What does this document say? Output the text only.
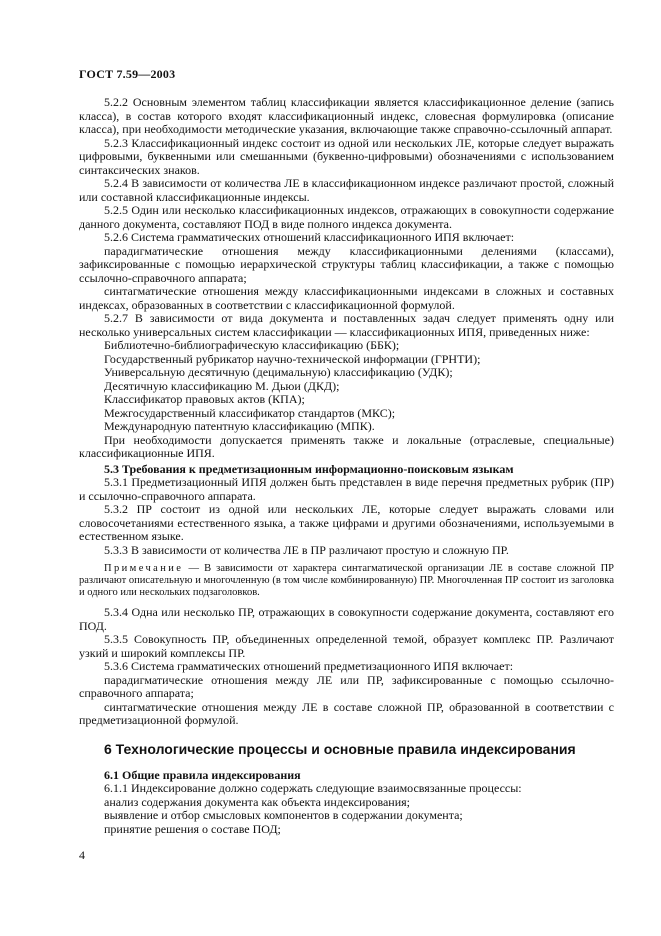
ГОСТ 7.59—2003

5.2.2 Основным элементом таблиц классификации является классификационное деление (запись класса), в состав которого входят классификационный индекс, словесная формулировка (описание класса), при необходимости методические указания, включающие также справочно-ссылочный аппарат.

5.2.3 Классификационный индекс состоит из одной или нескольких ЛЕ, которые следует выражать цифровыми, буквенными или смешанными (буквенно-цифровыми) обозначениями с использованием синтаксических знаков.

5.2.4 В зависимости от количества ЛЕ в классификационном индексе различают простой, сложный или составной классификационные индексы.

5.2.5 Один или несколько классификационных индексов, отражающих в совокупности содержание данного документа, составляют ПОД в виде полного индекса документа.

5.2.6 Система грамматических отношений классификационного ИПЯ включает:

парадигматические отношения между классификационными делениями (классами), зафиксированные с помощью иерархической структуры таблиц классификации, а также с помощью ссылочно-справочного аппарата;

синтагматические отношения между классификационными индексами в сложных и составных индексах, образованных в соответствии с классификационной формулой.

5.2.7 В зависимости от вида документа и поставленных задач следует применять одну или несколько универсальных систем классификации — классификационных ИПЯ, приведенных ниже:

Библиотечно-библиографическую классификацию (ББК);

Государственный рубрикатор научно-технической информации (ГРНТИ);

Универсальную десятичную (децимальную) классификацию (УДК);

Десятичную классификацию М. Дьюи (ДКД);

Классификатор правовых актов (КПА);

Межгосударственный классификатор стандартов (МКС);

Международную патентную классификацию (МПК).

При необходимости допускается применять также и локальные (отраслевые, специальные) классификационные ИПЯ.

5.3 Требования к предметизационным информационно-поисковым языкам

5.3.1 Предметизационный ИПЯ должен быть представлен в виде перечня предметных рубрик (ПР) и ссылочно-справочного аппарата.

5.3.2 ПР состоит из одной или нескольких ЛЕ, которые следует выражать словами или словосочетаниями естественного языка, а также цифрами и другими обозначениями, используемыми в естественном языке.

5.3.3 В зависимости от количества ЛЕ в ПР различают простую и сложную ПР.

Примечание — В зависимости от характера синтагматической организации ЛЕ в составе сложной ПР различают описательную и многочленную (в том числе комбинированную) ПР. Многочленная ПР состоит из заголовка и одного или нескольких подзаголовков.

5.3.4 Одна или несколько ПР, отражающих в совокупности содержание документа, составляют его ПОД.

5.3.5 Совокупность ПР, объединенных определенной темой, образует комплекс ПР. Различают узкий и широкий комплексы ПР.

5.3.6 Система грамматических отношений предметизационного ИПЯ включает:

парадигматические отношения между ЛЕ или ПР, зафиксированные с помощью ссылочно-справочного аппарата;

синтагматические отношения между ЛЕ в составе сложной ПР, образованной в соответствии с предметизационной формулой.

6 Технологические процессы и основные правила индексирования

6.1 Общие правила индексирования

6.1.1 Индексирование должно содержать следующие взаимосвязанные процессы:

анализ содержания документа как объекта индексирования;

выявление и отбор смысловых компонентов в содержании документа;

принятие решения о составе ПОД;

4
